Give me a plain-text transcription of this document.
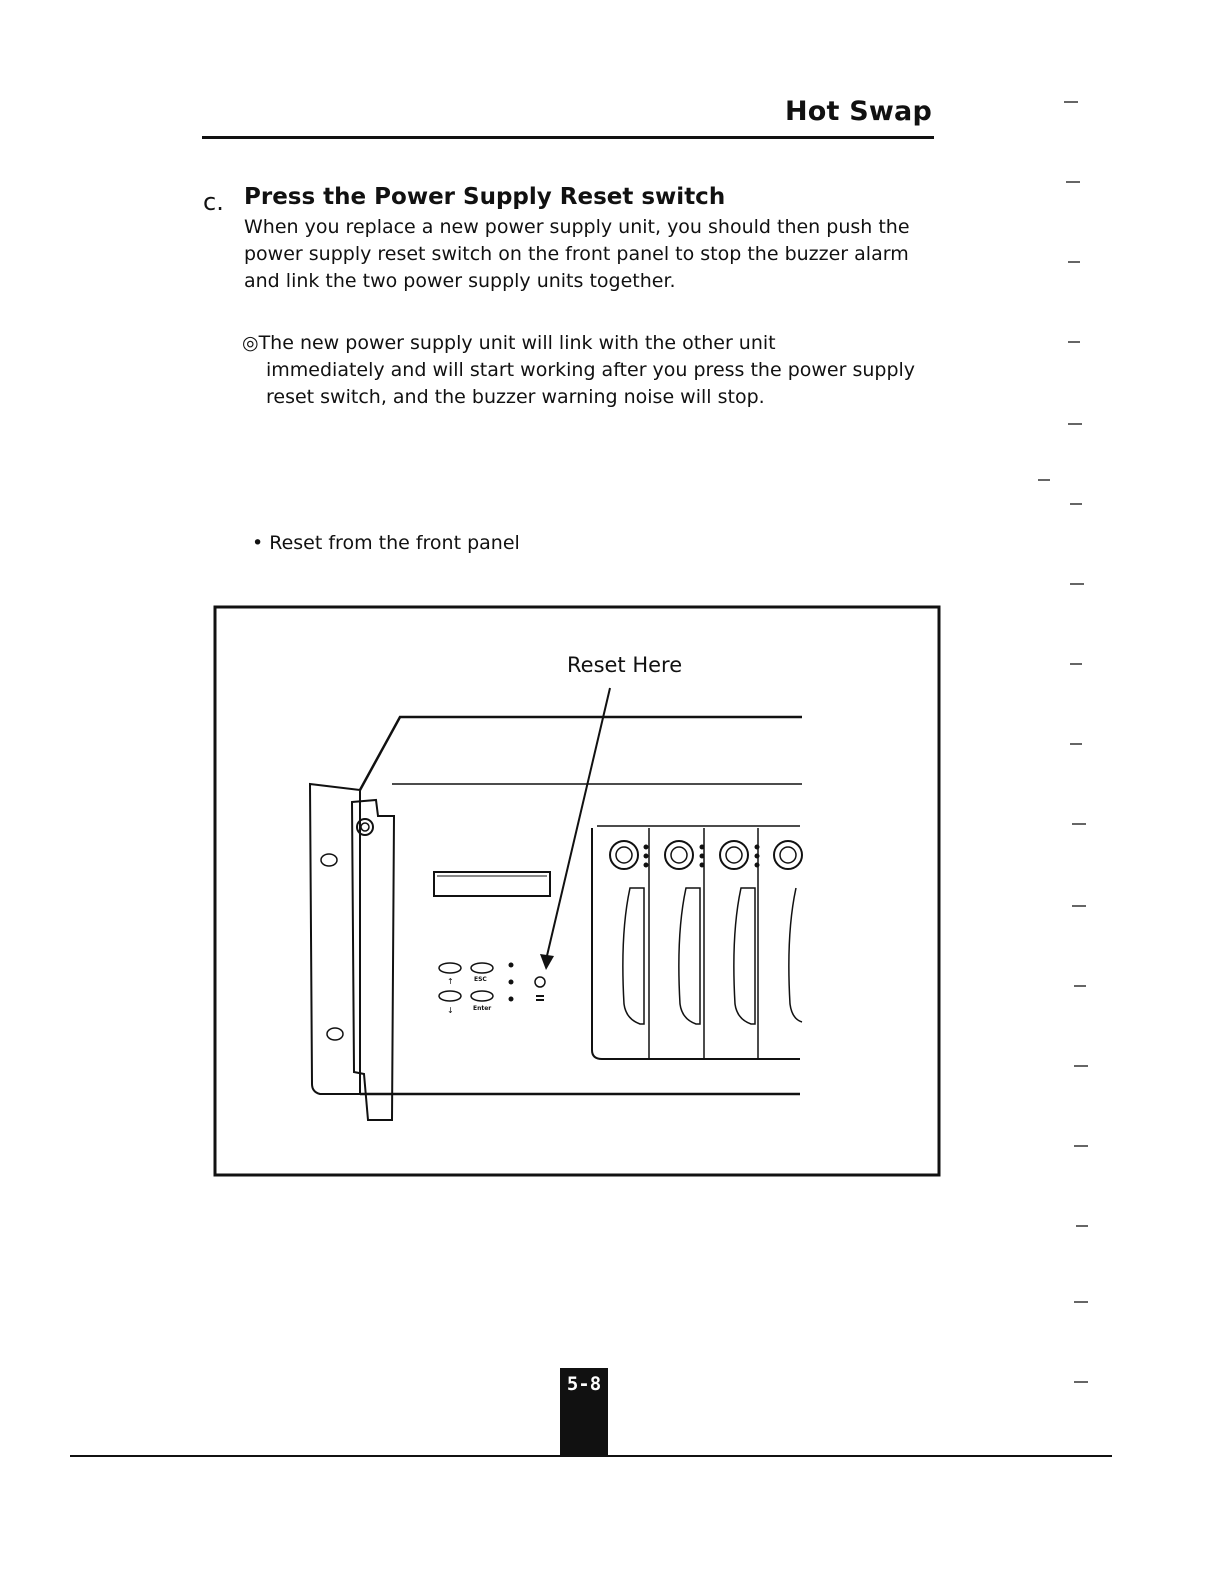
Hot Swap
c. Press the Power Supply Reset switch
When you replace a new power supply unit, you should then push the power supply reset switch on the front panel to stop the buzzer alarm and link the two power supply units together.
◎The new power supply unit will link with the other unit
immediately and will start working after you press the power supply reset switch, and the buzzer warning noise will stop.
• Reset from the front panel
Reset Here
↑
↓
ESC
Enter
5-8
